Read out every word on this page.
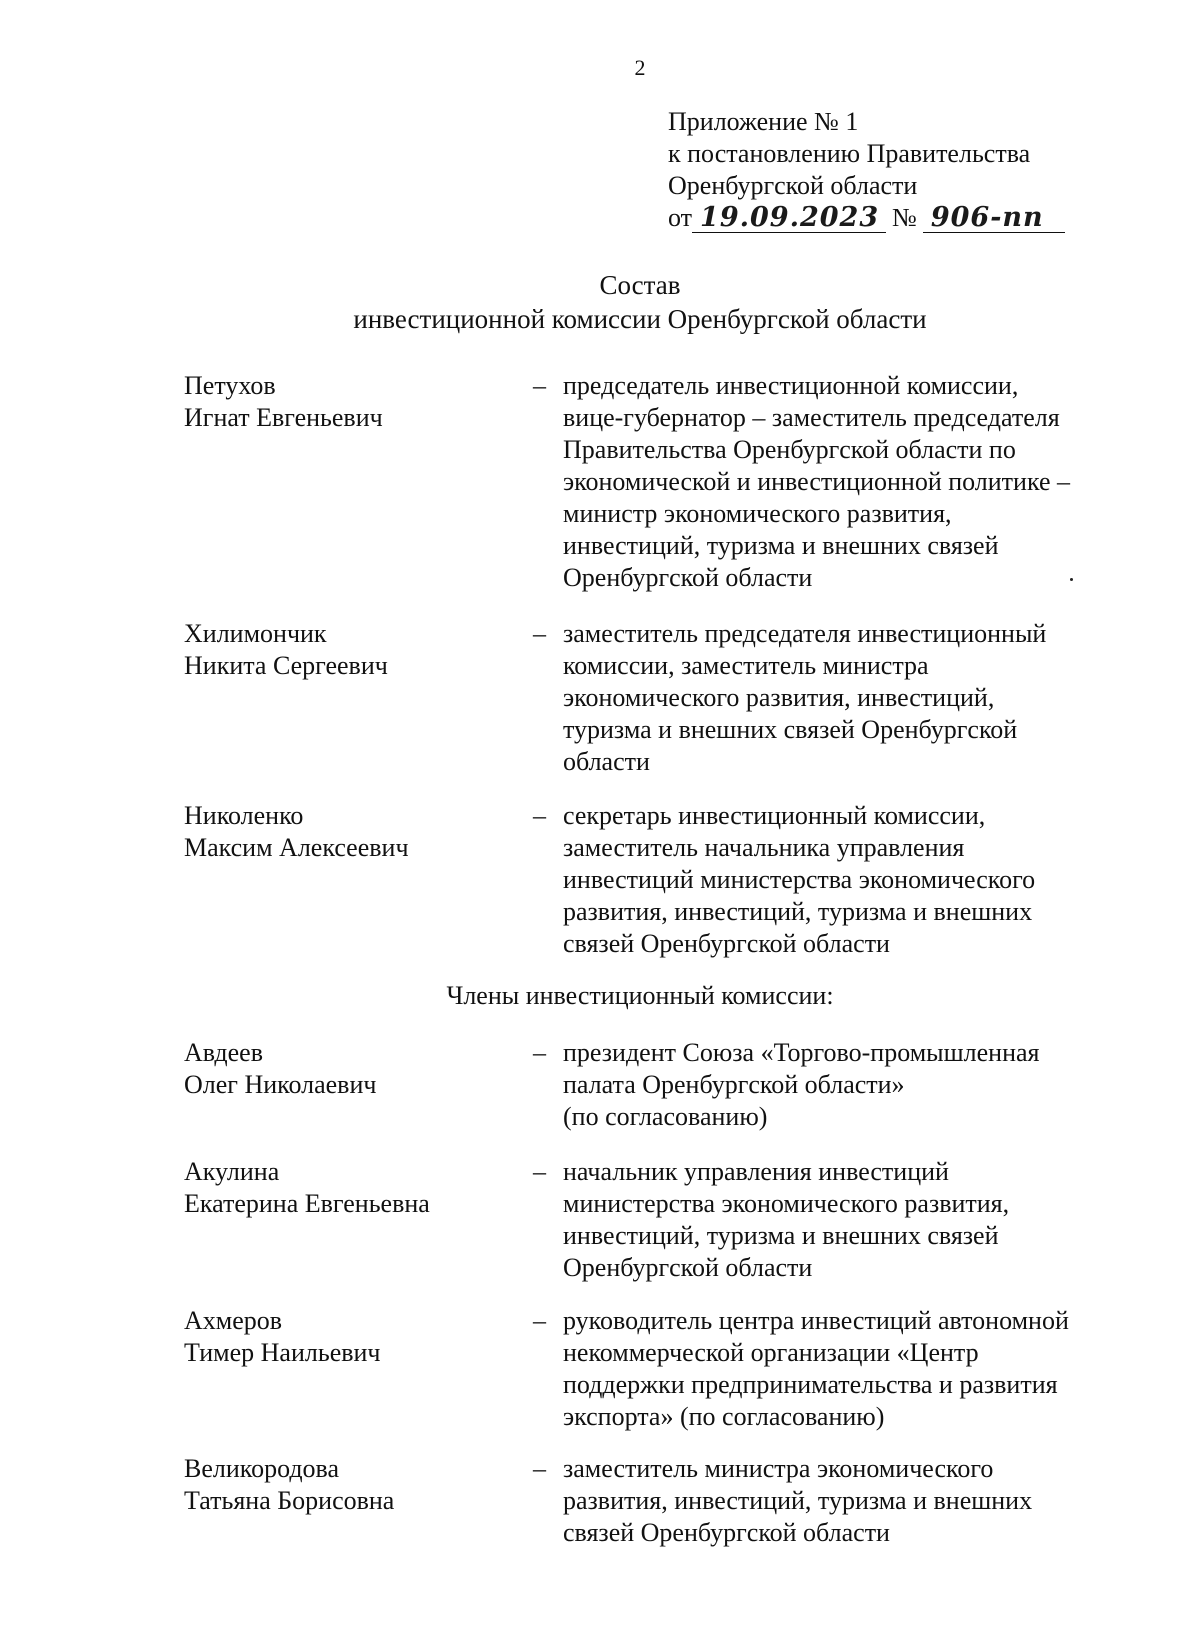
2
Приложение № 1
к постановлению Правительства
Оренбургской области
от 19.09.2023 № 906-пп
Состав
инвестиционной комиссии Оренбургской области
Петухов
Игнат Евгеньевич
– председатель инвестиционной комиссии,
вице-губернатор – заместитель председателя
Правительства Оренбургской области по
экономической и инвестиционной политике –
министр экономического развития,
инвестиций, туризма и внешних связей
Оренбургской области
Хилимончик
Никита Сергеевич
– заместитель председателя инвестиционный
комиссии, заместитель министра
экономического развития, инвестиций,
туризма и внешних связей Оренбургской
области
Николенко
Максим Алексеевич
– секретарь инвестиционный комиссии,
заместитель начальника управления
инвестиций министерства экономического
развития, инвестиций, туризма и внешних
связей Оренбургской области
Авдеев
Олег Николаевич
– президент Союза «Торгово-промышленная
палата Оренбургской области»
(по согласованию)
Акулина
Екатерина Евгеньевна
– начальник управления инвестиций
министерства экономического развития,
инвестиций, туризма и внешних связей
Оренбургской области
Ахмеров
Тимер Наильевич
– руководитель центра инвестиций автономной
некоммерческой организации «Центр
поддержки предпринимательства и развития
экспорта» (по согласованию)
Великородова
Татьяна Борисовна
– заместитель министра экономического
развития, инвестиций, туризма и внешних
связей Оренбургской области
Члены инвестиционный комиссии:
